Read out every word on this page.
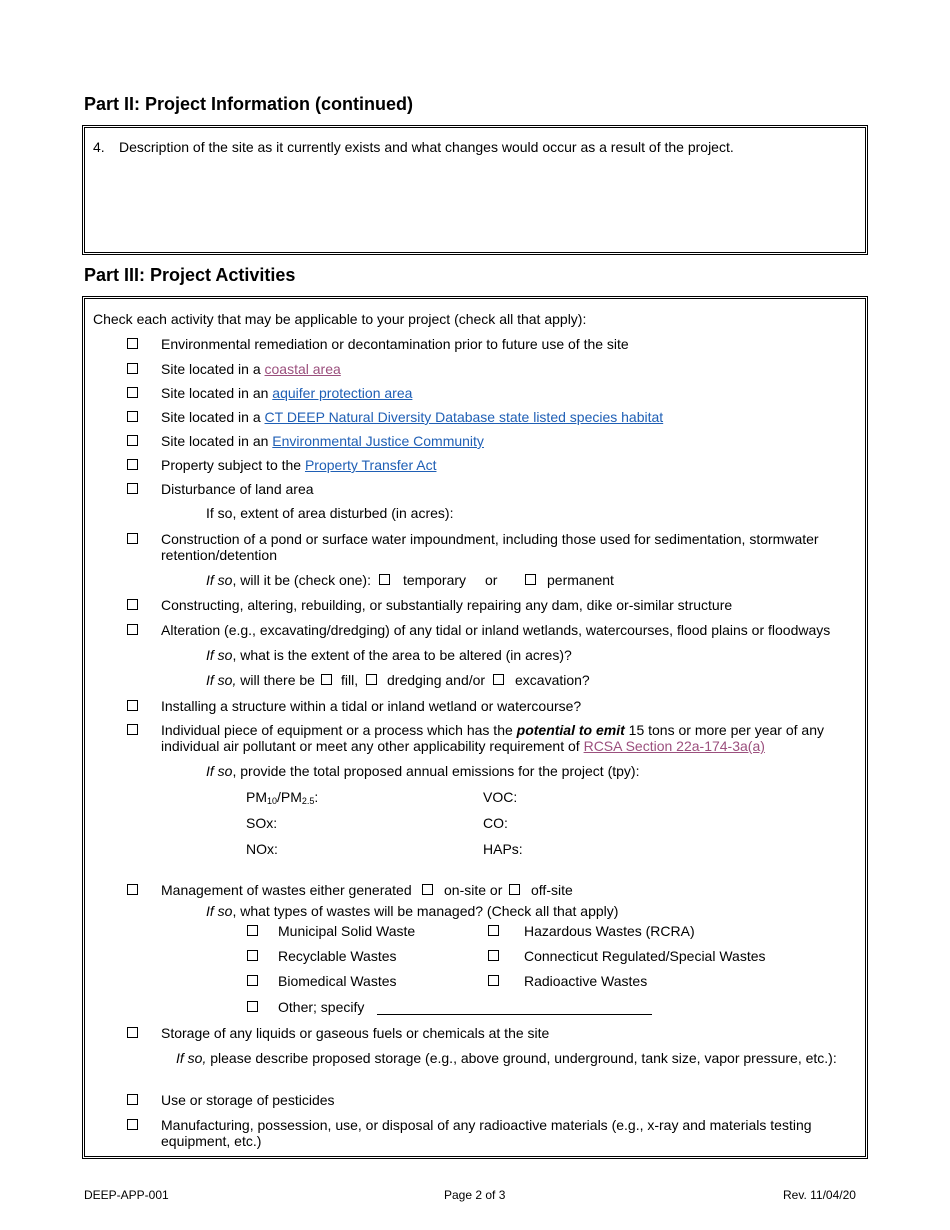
Part II: Project Information (continued)
4. Description of the site as it currently exists and what changes would occur as a result of the project.
Part III: Project Activities
Check each activity that may be applicable to your project (check all that apply):
Environmental remediation or decontamination prior to future use of the site
Site located in a coastal area
Site located in an aquifer protection area
Site located in a CT DEEP Natural Diversity Database state listed species habitat
Site located in an Environmental Justice Community
Property subject to the Property Transfer Act
Disturbance of land area
If so, extent of area disturbed (in acres):
Construction of a pond or surface water impoundment, including those used for sedimentation, stormwater retention/detention
If so, will it be (check one): temporary or	permanent
Constructing, altering, rebuilding, or substantially repairing any dam, dike or-similar structure
Alteration (e.g., excavating/dredging) of any tidal or inland wetlands, watercourses, flood plains or floodways
If so, what is the extent of the area to be altered (in acres)?
If so, will there be fill, dredging and/or excavation?
Installing a structure within a tidal or inland wetland or watercourse?
Individual piece of equipment or a process which has the potential to emit 15 tons or more per year of any
individual air pollutant or meet any other applicability requirement of RCSA Section 22a-174-3a(a)
If so, provide the total proposed annual emissions for the project (tpy):
$PM_{10}/PM_{2.5}$:	VOC:
SOx:	CO:
NOx:	HAPs:
Management of wastes either generated on-site or off-site
If so, what types of wastes will be managed? (Check all that apply)
Municipal Solid Waste	Hazardous Wastes (RCRA)
Recyclable Wastes	Connecticut Regulated/Special Wastes
Biomedical Wastes	Radioactive Wastes
Other; specify
Storage of any liquids or gaseous fuels or chemicals at the site
If so, please describe proposed storage (e.g., above ground, underground, tank size, vapor pressure, etc.):
Use or storage of pesticides
Manufacturing, possession, use, or disposal of any radioactive materials (e.g., x-ray and materials testing equipment, etc.)
DEEP-APP-001	Page 2 of 3	Rev. 11/04/20
